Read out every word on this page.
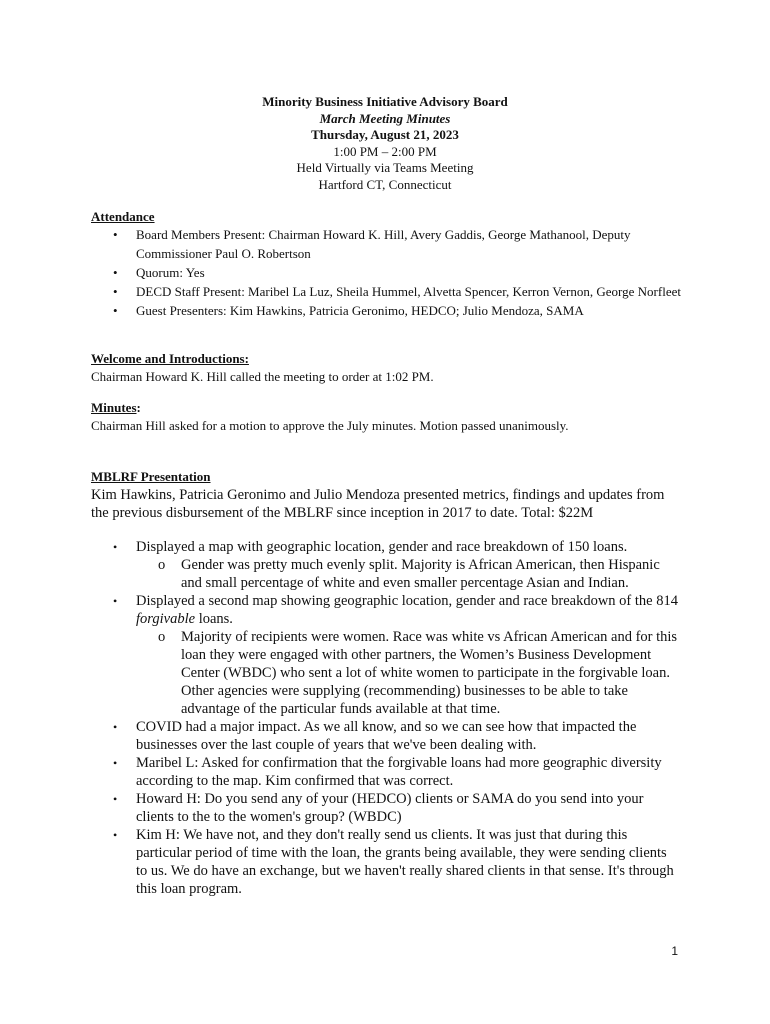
Minority Business Initiative Advisory Board
March Meeting Minutes
Thursday, August 21, 2023
1:00 PM – 2:00 PM
Held Virtually via Teams Meeting
Hartford CT, Connecticut
Attendance
• Board Members Present: Chairman Howard K. Hill, Avery Gaddis, George Mathanool, Deputy Commissioner Paul O. Robertson
• Quorum: Yes
• DECD Staff Present: Maribel La Luz, Sheila Hummel, Alvetta Spencer, Kerron Vernon, George Norfleet
• Guest Presenters: Kim Hawkins, Patricia Geronimo, HEDCO; Julio Mendoza, SAMA
Welcome and Introductions:
Chairman Howard K. Hill called the meeting to order at 1:02 PM.
Minutes:
Chairman Hill asked for a motion to approve the July minutes. Motion passed unanimously.
MBLRF Presentation
Kim Hawkins, Patricia Geronimo and Julio Mendoza presented metrics, findings and updates from the previous disbursement of the MBLRF since inception in 2017 to date. Total: $22M
• Displayed a map with geographic location, gender and race breakdown of 150 loans.
o Gender was pretty much evenly split. Majority is African American, then Hispanic and small percentage of white and even smaller percentage Asian and Indian.
• Displayed a second map showing geographic location, gender and race breakdown of the 814 forgivable loans.
o Majority of recipients were women. Race was white vs African American and for this loan they were engaged with other partners, the Women’s Business Development Center (WBDC) who sent a lot of white women to participate in the forgivable loan. Other agencies were supplying (recommending) businesses to be able to take advantage of the particular funds available at that time.
• COVID had a major impact. As we all know, and so we can see how that impacted the businesses over the last couple of years that we've been dealing with.
• Maribel L: Asked for confirmation that the forgivable loans had more geographic diversity according to the map. Kim confirmed that was correct.
• Howard H: Do you send any of your (HEDCO) clients or SAMA do you send into your clients to the to the women's group? (WBDC)
• Kim H: We have not, and they don't really send us clients. It was just that during this particular period of time with the loan, the grants being available, they were sending clients to us. We do have an exchange, but we haven't really shared clients in that sense. It's through this loan program.
1
